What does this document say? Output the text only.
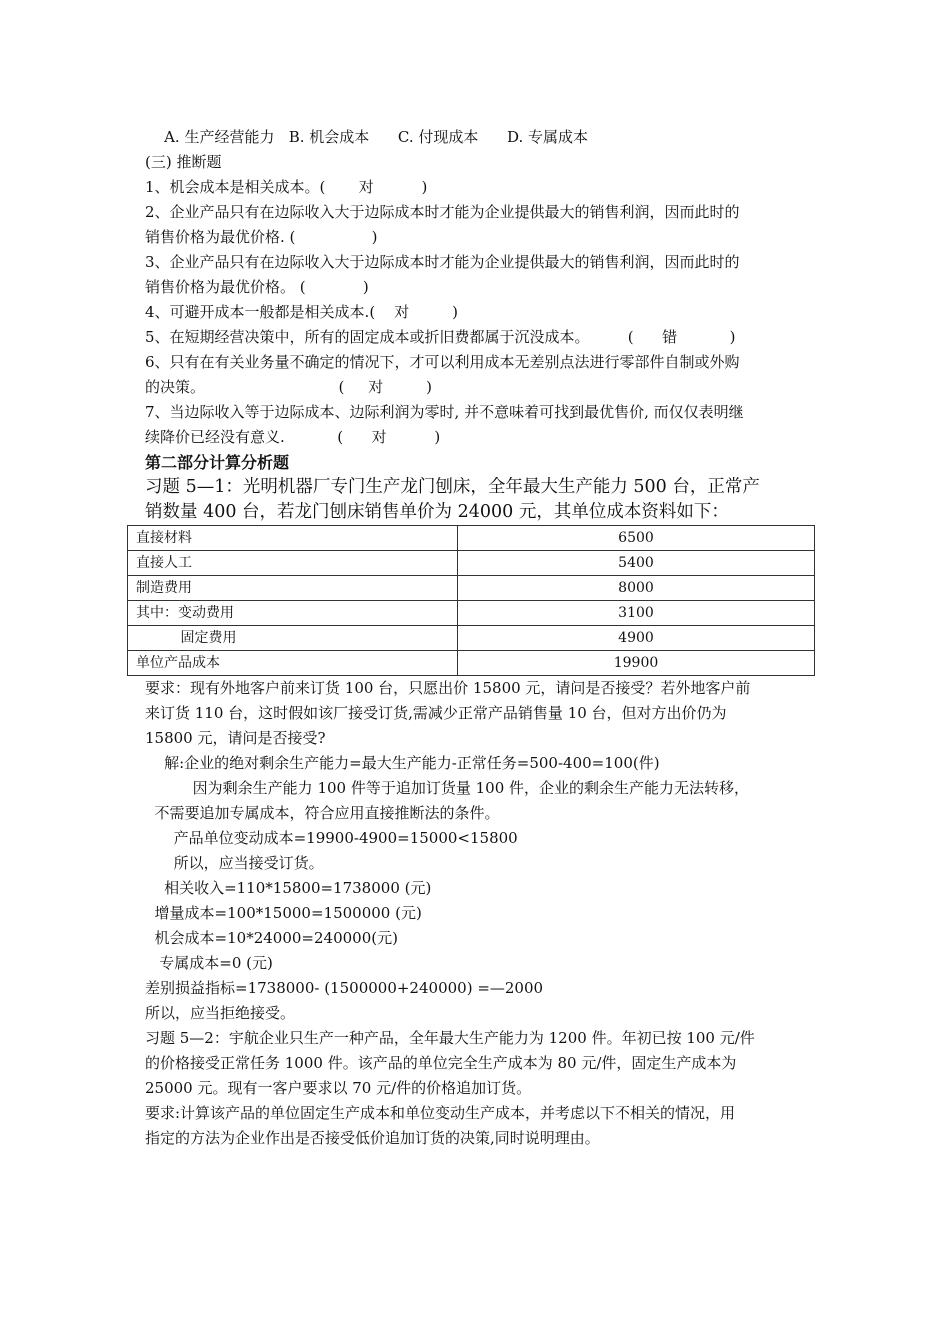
A. 生产经营能力   B. 机会成本      C. 付现成本      D. 专属成本
(三) 推断题
1、机会成本是相关成本。(       对          )
2、企业产品只有在边际收入大于边际成本时才能为企业提供最大的销售利润，因而此时的
销售价格为最优价格. (                )
3、企业产品只有在边际收入大于边际成本时才能为企业提供最大的销售利润，因而此时的
销售价格为最优价格。 (            )
4、可避开成本一般都是相关成本.(    对         )
5、在短期经营决策中，所有的固定成本或折旧费都属于沉没成本。        (      错           )
6、只有在有关业务量不确定的情况下，才可以利用成本无差别点法进行零部件自制或外购
的决策。                            (     对         )
7、当边际收入等于边际成本、边际利润为零时, 并不意味着可找到最优售价, 而仅仅表明继
续降价已经没有意义.           (      对          )
第二部分计算分析题
习题 5—1：光明机器厂专门生产龙门刨床，全年最大生产能力 500 台，正常产
销数量 400 台，若龙门刨床销售单价为 24000 元，其单位成本资料如下：
直接材料	6500
直接人工	5400
制造费用	8000
其中：变动费用	3100
固定费用	4900
单位产品成本	19900
要求：现有外地客户前来订货 100 台，只愿出价 15800 元，请问是否接受？若外地客户前
来订货 110 台，这时假如该厂接受订货,需减少正常产品销售量 10 台，但对方出价仍为
15800 元，请问是否接受?
解:企业的绝对剩余生产能力=最大生产能力-正常任务=500-400=100(件)
因为剩余生产能力 100 件等于追加订货量 100 件，企业的剩余生产能力无法转移，
不需要追加专属成本，符合应用直接推断法的条件。
产品单位变动成本=19900-4900=15000<15800
所以，应当接受订货。
相关收入=110*15800=1738000 (元)
增量成本=100*15000=1500000 (元)
机会成本=10*24000=240000(元)
专属成本=0 (元)
差别损益指标=1738000- (1500000+240000) =—2000
所以，应当拒绝接受。
习题 5—2：宇航企业只生产一种产品，全年最大生产能力为 1200 件。年初已按 100 元/件
的价格接受正常任务 1000 件。该产品的单位完全生产成本为 80 元/件，固定生产成本为
25000 元。现有一客户要求以 70 元/件的价格追加订货。
要求:计算该产品的单位固定生产成本和单位变动生产成本，并考虑以下不相关的情况，用
指定的方法为企业作出是否接受低价追加订货的决策,同时说明理由。
